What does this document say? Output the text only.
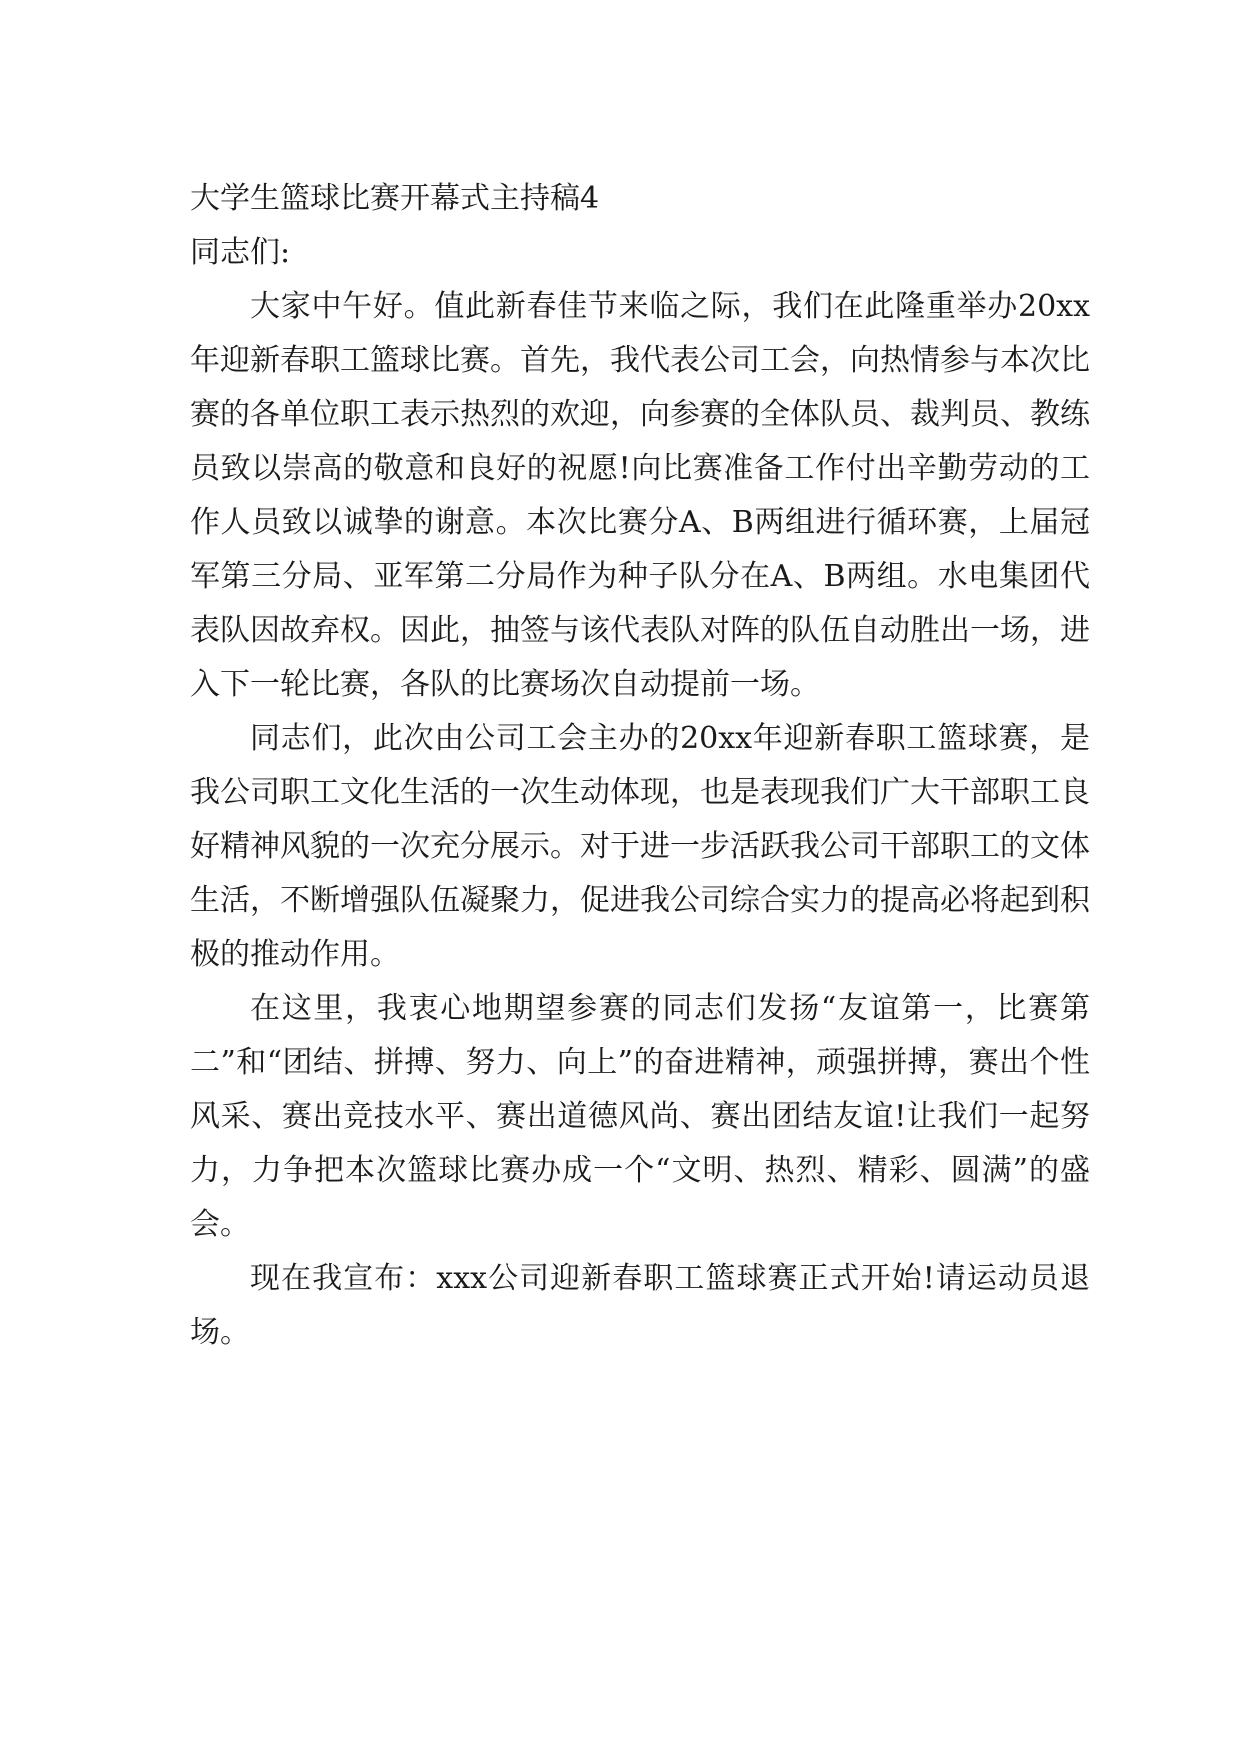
大学生篮球比赛开幕式主持稿4

同志们:

大家中午好。值此新春佳节来临之际，我们在此隆重举办20xx年迎新春职工篮球比赛。首先，我代表公司工会，向热情参与本次比赛的各单位职工表示热烈的欢迎，向参赛的全体队员、裁判员、教练员致以崇高的敬意和良好的祝愿!向比赛准备工作付出辛勤劳动的工作人员致以诚挚的谢意。本次比赛分A、B两组进行循环赛，上届冠军第三分局、亚军第二分局作为种子队分在A、B两组。水电集团代表队因故弃权。因此，抽签与该代表队对阵的队伍自动胜出一场，进入下一轮比赛，各队的比赛场次自动提前一场。

同志们，此次由公司工会主办的20xx年迎新春职工篮球赛，是我公司职工文化生活的一次生动体现，也是表现我们广大干部职工良好精神风貌的一次充分展示。对于进一步活跃我公司干部职工的文体生活，不断增强队伍凝聚力，促进我公司综合实力的提高必将起到积极的推动作用。

在这里，我衷心地期望参赛的同志们发扬“友谊第一，比赛第二”和“团结、拼搏、努力、向上”的奋进精神，顽强拼搏，赛出个性风采、赛出竞技水平、赛出道德风尚、赛出团结友谊!让我们一起努力，力争把本次篮球比赛办成一个“文明、热烈、精彩、圆满”的盛会。

现在我宣布：xxx公司迎新春职工篮球赛正式开始!请运动员退场。
